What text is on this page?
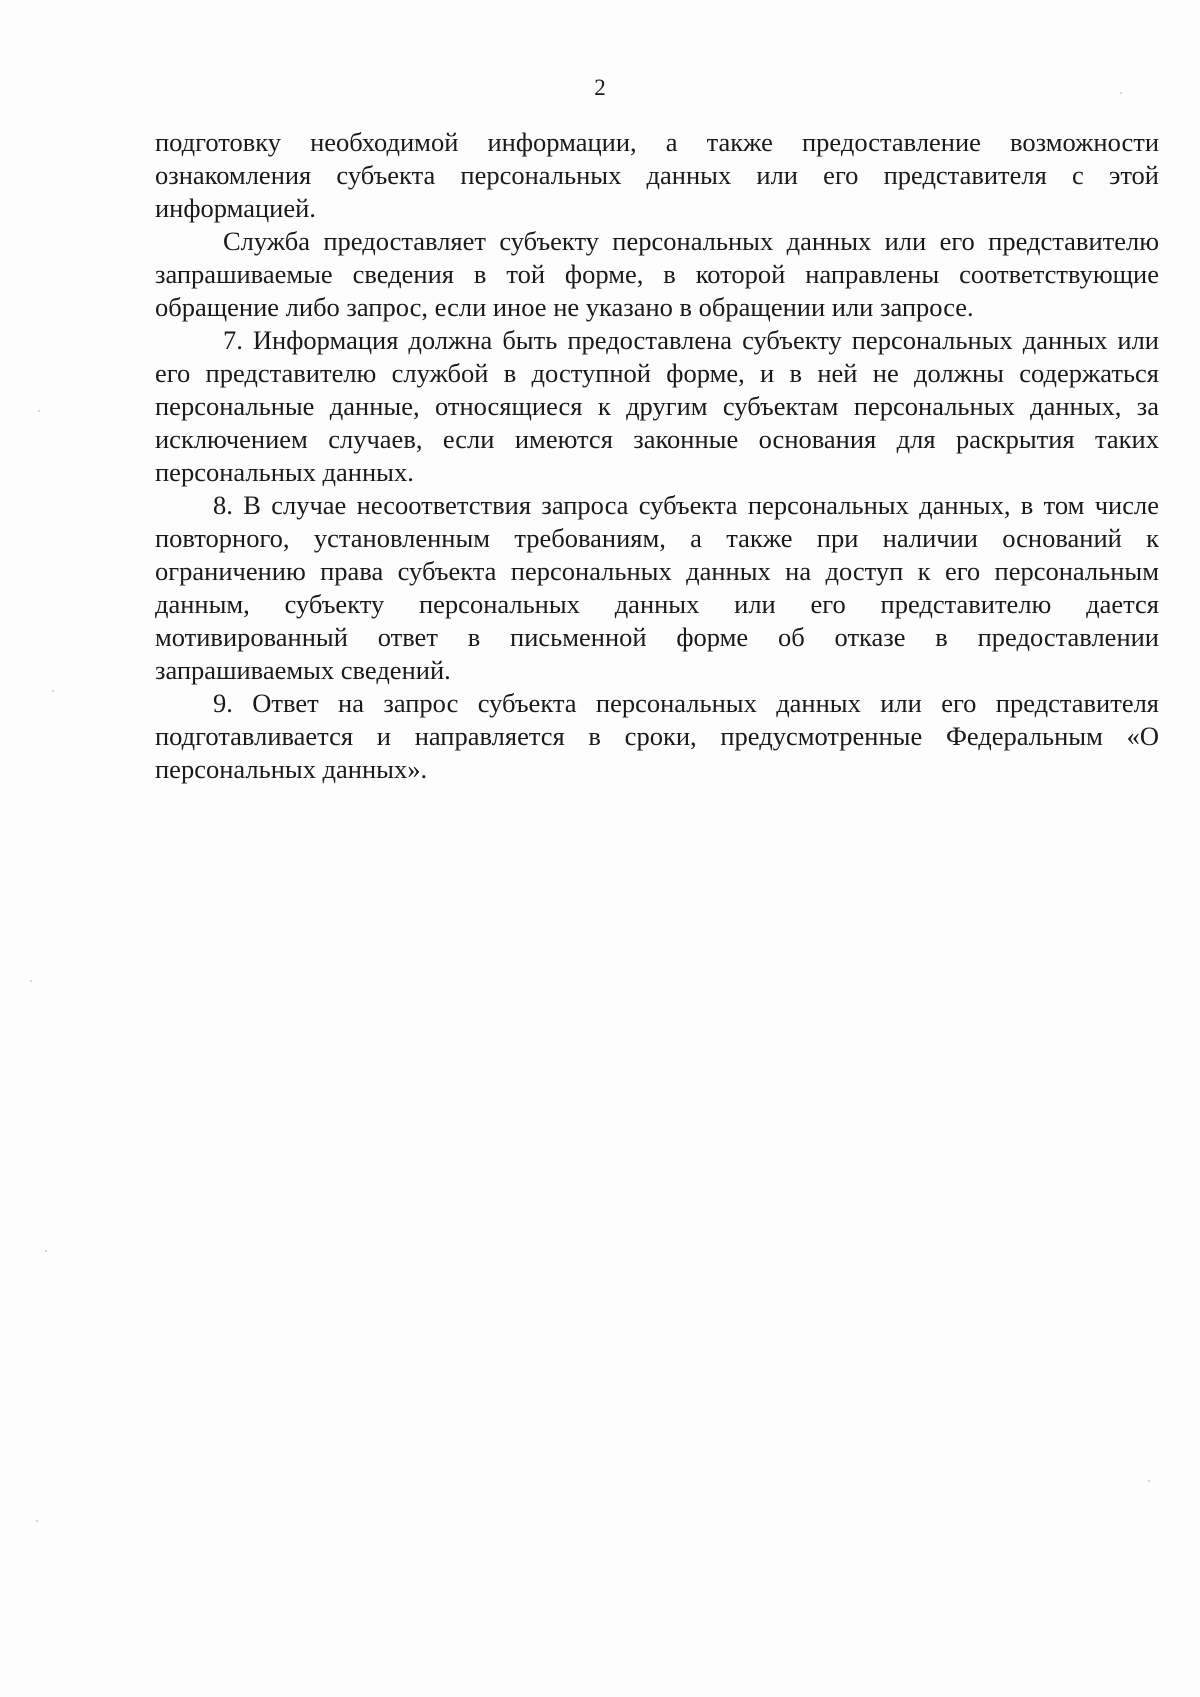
2

подготовку необходимой информации, а также предоставление возможности ознакомления субъекта персональных данных или его представителя с этой информацией.

Служба предоставляет субъекту персональных данных или его представителю запрашиваемые сведения в той форме, в которой направлены соответствующие обращение либо запрос, если иное не указано в обращении или запросе.

7. Информация должна быть предоставлена субъекту персональных данных или его представителю службой в доступной форме, и в ней не должны содержаться персональные данные, относящиеся к другим субъектам персональных данных, за исключением случаев, если имеются законные основания для раскрытия таких персональных данных.

8. В случае несоответствия запроса субъекта персональных данных, в том числе повторного, установленным требованиям, а также при наличии оснований к ограничению права субъекта персональных данных на доступ к его персональным данным, субъекту персональных данных или его представителю дается мотивированный ответ в письменной форме об отказе в предоставлении запрашиваемых сведений.

9. Ответ на запрос субъекта персональных данных или его представителя подготавливается и направляется в сроки, предусмотренные Федеральным «О персональных данных».
